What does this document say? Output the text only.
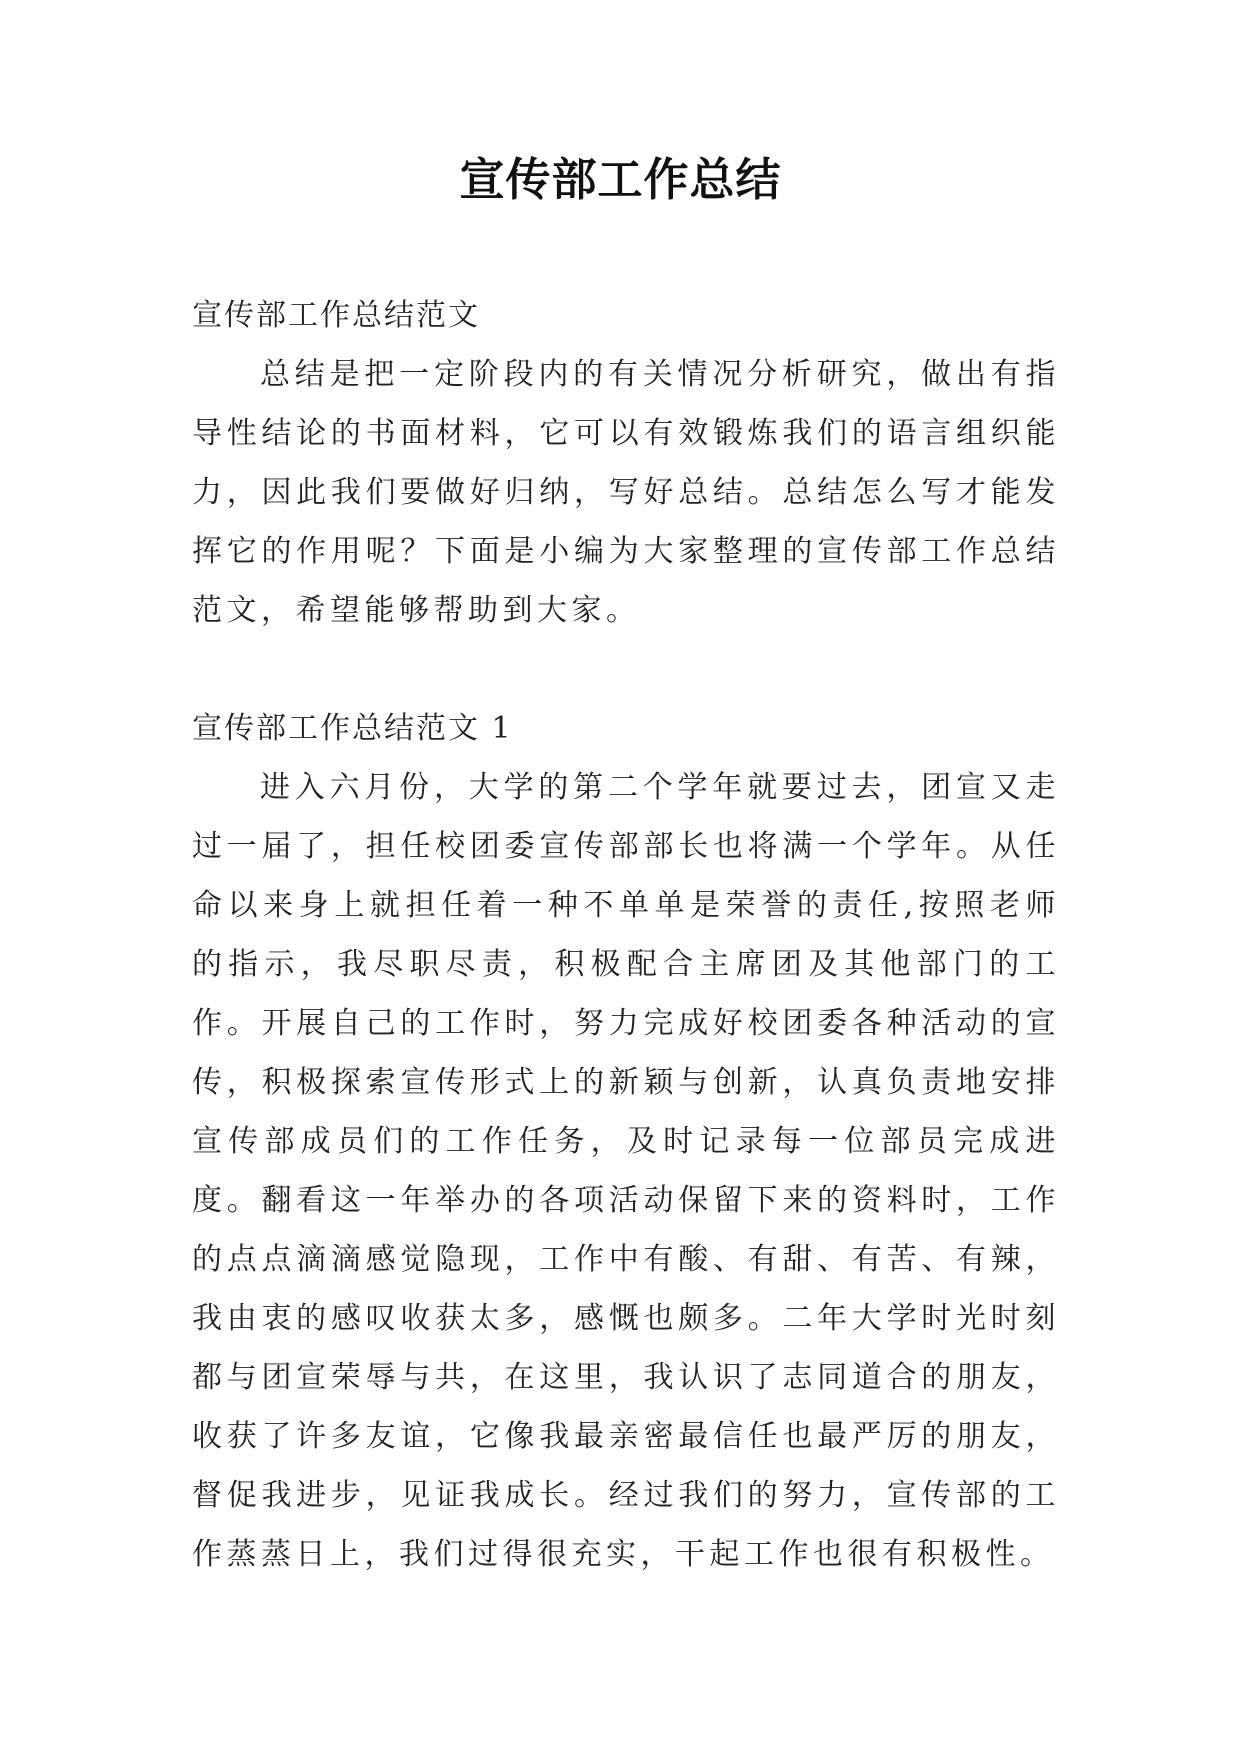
宣传部工作总结

宣传部工作总结范文

总结是把一定阶段内的有关情况分析研究，做出有指导性结论的书面材料，它可以有效锻炼我们的语言组织能力，因此我们要做好归纳，写好总结。总结怎么写才能发挥它的作用呢？下面是小编为大家整理的宣传部工作总结范文，希望能够帮助到大家。

宣传部工作总结范文 1

进入六月份，大学的第二个学年就要过去，团宣又走过一届了，担任校团委宣传部部长也将满一个学年。从任命以来身上就担任着一种不单单是荣誉的责任,按照老师的指示，我尽职尽责，积极配合主席团及其他部门的工作。开展自己的工作时，努力完成好校团委各种活动的宣传，积极探索宣传形式上的新颖与创新，认真负责地安排宣传部成员们的工作任务，及时记录每一位部员完成进度。翻看这一年举办的各项活动保留下来的资料时，工作的点点滴滴感觉隐现，工作中有酸、有甜、有苦、有辣，我由衷的感叹收获太多，感慨也颇多。二年大学时光时刻都与团宣荣辱与共，在这里，我认识了志同道合的朋友，收获了许多友谊，它像我最亲密最信任也最严厉的朋友，督促我进步，见证我成长。经过我们的努力，宣传部的工作蒸蒸日上，我们过得很充实，干起工作也很有积极性。
